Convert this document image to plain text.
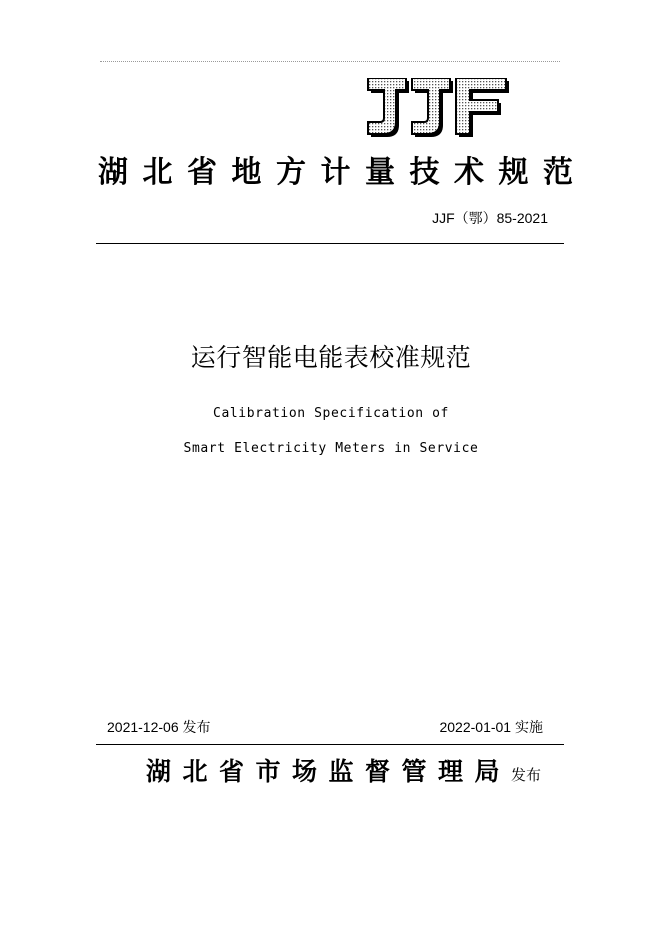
JJF
湖北省地方计量技术规范
JJF（鄂）85-2021
运行智能电能表校准规范
Calibration Specification of
Smart Electricity Meters in Service
2021-12-06 发布	2022-01-01 实施
湖北省市场监督管理局发布
